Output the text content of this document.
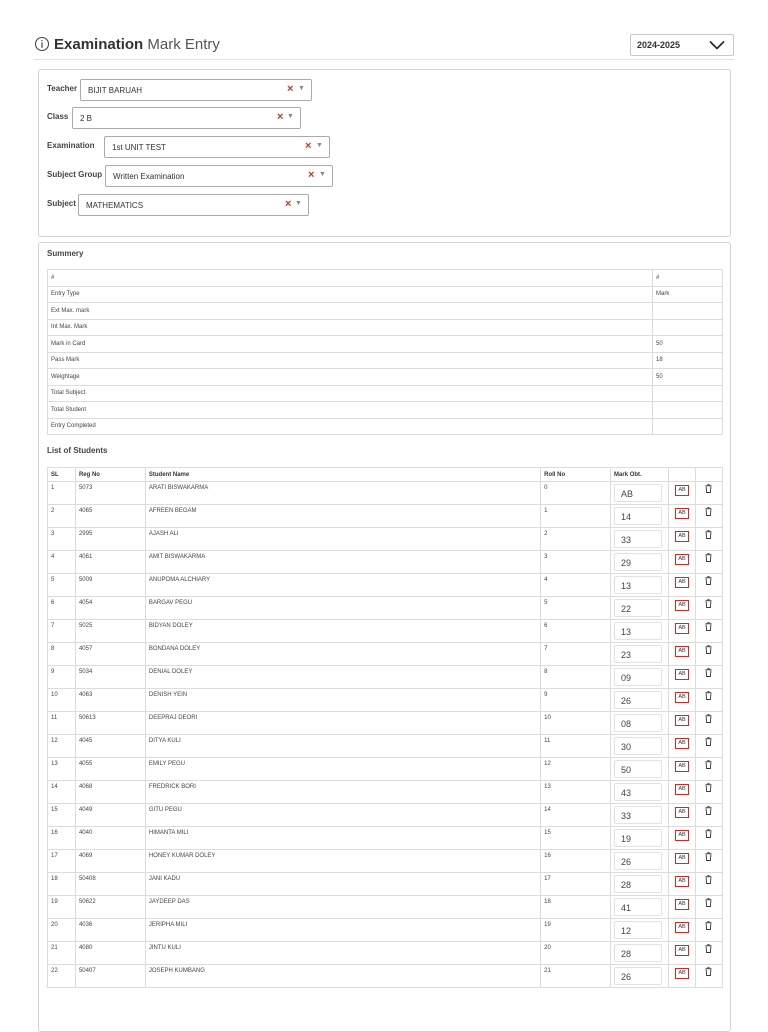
Examination Mark Entry	2024-2025
Teacher BIJIT BARUAH	× ▼
Class 2 B	× ▼
Examination 1st UNIT TEST	× ▼
Subject Group Written Examination	× ▼
Subject MATHEMATICS	× ▼
Summery
#	#
Entry Type	Mark
Ext Max. mark	
Int Max. Mark	
Mark in Card	50
Pass Mark	18
Weightage	50
Total Subject	
Total Student	
Entry Completed	
List of Students
SL	Reg No	Student Name	Roll No	Mark Obt.		
1	5073	ARATI BISWAKARMA	0	AB	AB	
2	4065	AFREEN BEGAM	1	14	AB	
3	2995	AJASH ALI	2	33	AB	
4	4061	AMIT BISWAKARMA	3	29	AB	
5	5009	ANUPOMA ALCHIARY	4	13	AB	
6	4054	BARGAV PEGU	5	22	AB	
7	5025	BIDYAN DOLEY	6	13	AB	
8	4057	BONDANA DOLEY	7	23	AB	
9	5034	DENIAL DOLEY	8	09	AB	
10	4063	DENISH YEIN	9	26	AB	
11	50613	DEEPRAJ DEORI	10	08	AB	
12	4045	DITYA KULI	11	30	AB	
13	4055	EMILY PEGU	12	50	AB	
14	4068	FREDRICK BORI	13	43	AB	
15	4049	GITU PEGU	14	33	AB	
16	4040	HIMANTA MILI	15	19	AB	
17	4069	HONEY KUMAR DOLEY	16	26	AB	
18	50408	JANI KADU	17	28	AB	
19	50622	JAYDEEP DAS	18	41	AB	
20	4036	JERIPHA MILI	19	12	AB	
21	4080	JINTU KULI	20	28	AB	
22	50407	JOSEPH KUMBANG	21	26	AB	
